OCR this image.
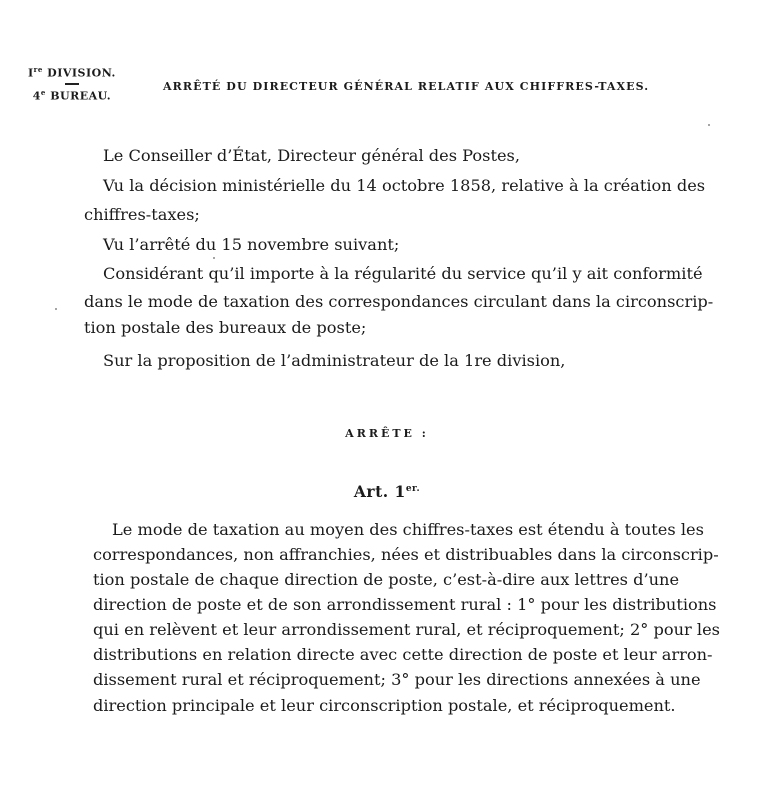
Ire DIVISION.
4e BUREAU.
ARRÊTÉ DU DIRECTEUR GÉNÉRAL RELATIF AUX CHIFFRES-TAXES.
Le Conseiller d’État, Directeur général des Postes,
Vu la décision ministérielle du 14 octobre 1858, relative à la création des
chiffres-taxes;
Vu l’arrêté du 15 novembre suivant;
Considérant qu’il importe à la régularité du service qu’il y ait conformité
dans le mode de taxation des correspondances circulant dans la circonscrip-
tion postale des bureaux de poste;
Sur la proposition de l’administrateur de la 1re division,
ARRÊTE :
Art. $1^{er.}$
Le mode de taxation au moyen des chiffres-taxes est étendu à toutes les
correspondances, non affranchies, nées et distribuables dans la circonscrip-
tion postale de chaque direction de poste, c’est-à-dire aux lettres d’une
direction de poste et de son arrondissement rural : 1° pour les distributions
qui en relèvent et leur arrondissement rural, et réciproquement; 2° pour les
distributions en relation directe avec cette direction de poste et leur arron-
dissement rural et réciproquement; 3° pour les directions annexées à une
direction principale et leur circonscription postale, et réciproquement.
